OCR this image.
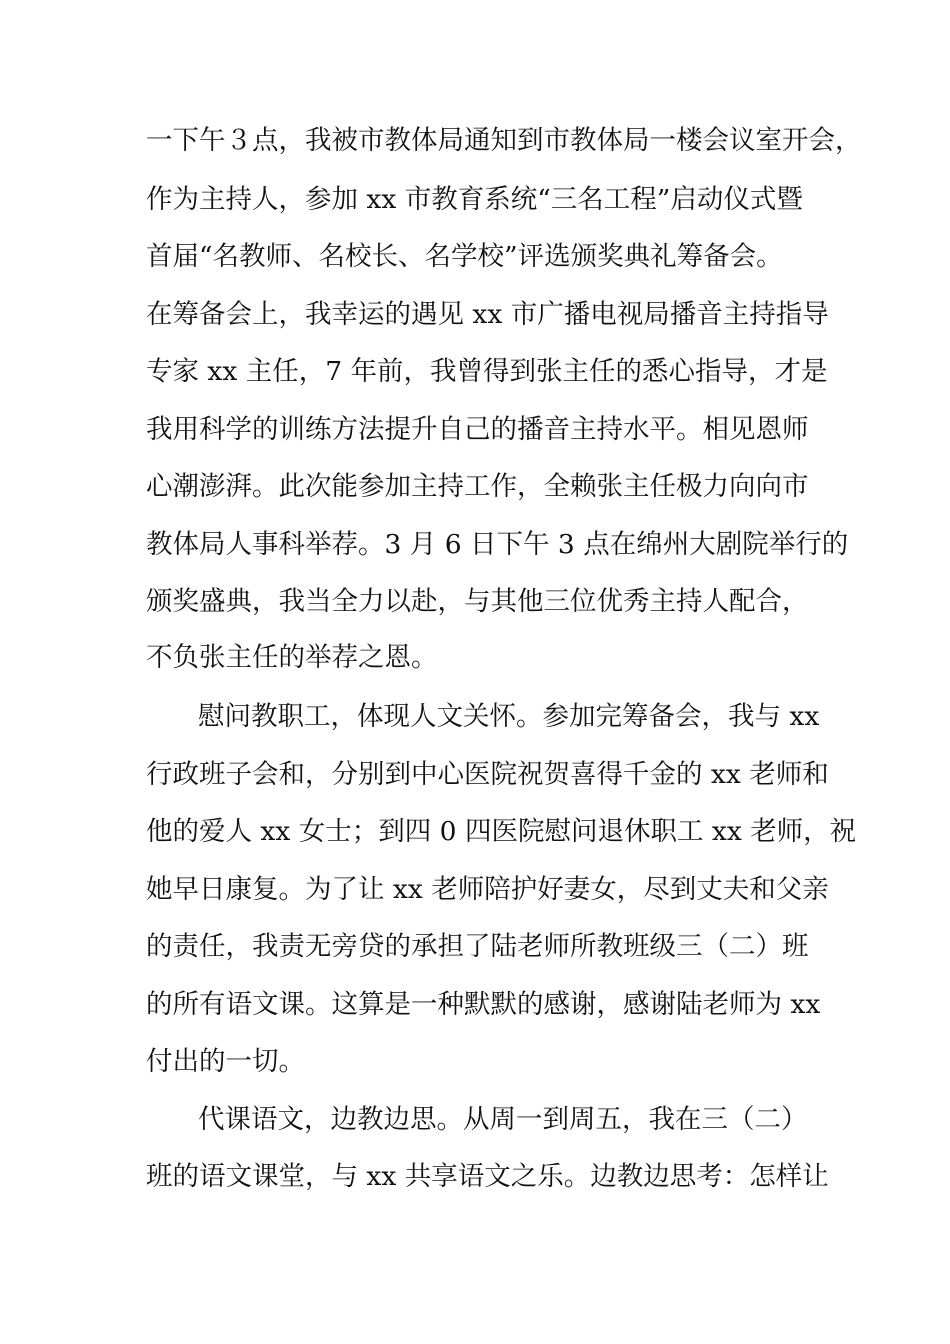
一下午３点，我被市教体局通知到市教体局一楼会议室开会，
作为主持人，参加 xx 市教育系统“三名工程”启动仪式暨
首届“名教师、名校长、名学校”评选颁奖典礼筹备会。
在筹备会上，我幸运的遇见 xx 市广播电视局播音主持指导
专家 xx 主任，7 年前，我曾得到张主任的悉心指导，才是
我用科学的训练方法提升自己的播音主持水平。相见恩师
心潮澎湃。此次能参加主持工作，全赖张主任极力向向市
教体局人事科举荐。3 月 6 日下午 3 点在绵州大剧院举行的
颁奖盛典，我当全力以赴，与其他三位优秀主持人配合，
不负张主任的举荐之恩。
慰问教职工，体现人文关怀。参加完筹备会，我与 xx
行政班子会和，分别到中心医院祝贺喜得千金的 xx 老师和
他的爱人 xx 女士；到四 0 四医院慰问退休职工 xx 老师，祝
她早日康复。为了让 xx 老师陪护好妻女，尽到丈夫和父亲
的责任，我责无旁贷的承担了陆老师所教班级三（二）班
的所有语文课。这算是一种默默的感谢，感谢陆老师为 xx
付出的一切。
代课语文，边教边思。从周一到周五，我在三（二）
班的语文课堂，与 xx 共享语文之乐。边教边思考：怎样让
